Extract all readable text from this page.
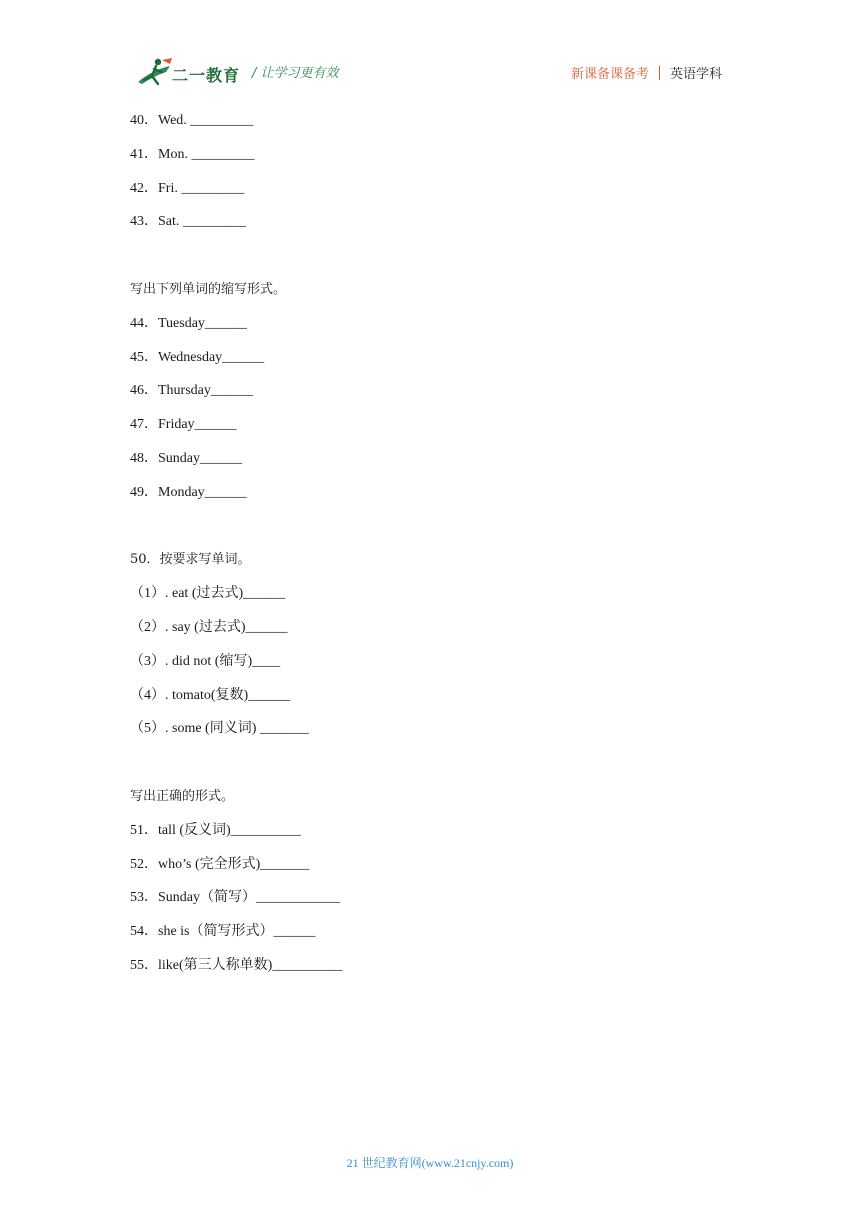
二一教育 / 让学习更有效	新课备课备考 英语学科
40．Wed. _________
41．Mon. _________
42．Fri. _________
43．Sat. _________
写出下列单词的缩写形式。
44．Tuesday______
45．Wednesday______
46．Thursday______
47．Friday______
48．Sunday______
49．Monday______
50．按要求写单词。
（1）. eat (过去式)______
（2）. say (过去式)______
（3）. did not (缩写)____
（4）. tomato(复数)______
（5）. some (同义词) _______
写出正确的形式。
51．tall (反义词)__________
52．who’s (完全形式)_______
53．Sunday（简写）____________
54．she is（简写形式）______
55．like(第三人称单数)__________
21 世纪教育网(www.21cnjy.com)
